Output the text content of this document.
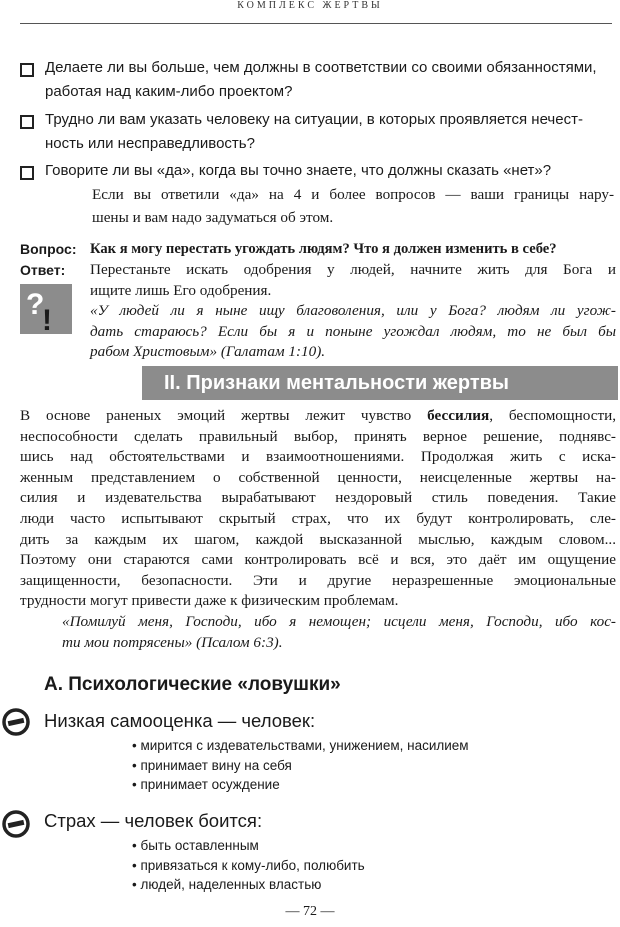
КОМПЛЕКС ЖЕРТВЫ
Делаете ли вы больше, чем должны в соответствии со своими обязанностями,
работая над каким-либо проектом?
Трудно ли вам указать человеку на ситуации, в которых проявляется нечест-
ность или несправедливость?
Говорите ли вы «да», когда вы точно знаете, что должны сказать «нет»?
Если вы ответили «да» на 4 и более вопросов — ваши границы нару-
шены и вам надо задуматься об этом.
Вопрос: Как я могу перестать угождать людям? Что я должен изменить в себе?
Ответ: Перестаньте искать одобрения у людей, начните жить для Бога и
ищите лишь Его одобрения.
«У людей ли я ныне ищу благоволения, или у Бога? людям ли угож-
дать стараюсь? Если бы я и поныне угождал людям, то не был бы
рабом Христовым» (Галатам 1:10).
?
!
II. Признаки ментальности жертвы
В основе раненых эмоций жертвы лежит чувство бессилия, беспомощности,
неспособности сделать правильный выбор, принять верное решение, поднявс-
шись над обстоятельствами и взаимоотношениями. Продолжая жить с иска-
женным представлением о собственной ценности, неисцеленные жертвы на-
силия и издевательства вырабатывают нездоровый стиль поведения. Такие
люди часто испытывают скрытый страх, что их будут контролировать, сле-
дить за каждым их шагом, каждой высказанной мыслью, каждым словом...
Поэтому они стараются сами контролировать всё и вся, это даёт им ощущение
защищенности, безопасности. Эти и другие неразрешенные эмоциональные
трудности могут привести даже к физическим проблемам.
«Помилуй меня, Господи, ибо я немощен; исцели меня, Господи, ибо кос-
ти мои потрясены» (Псалом 6:3).
А. Психологические «ловушки»
Низкая самооценка — человек:
• мирится с издевательствами, унижением, насилием
• принимает вину на себя
• принимает осуждение
Страх — человек боится:
• быть оставленным
• привязаться к кому-либо, полюбить
• людей, наделенных властью
— 72 —
